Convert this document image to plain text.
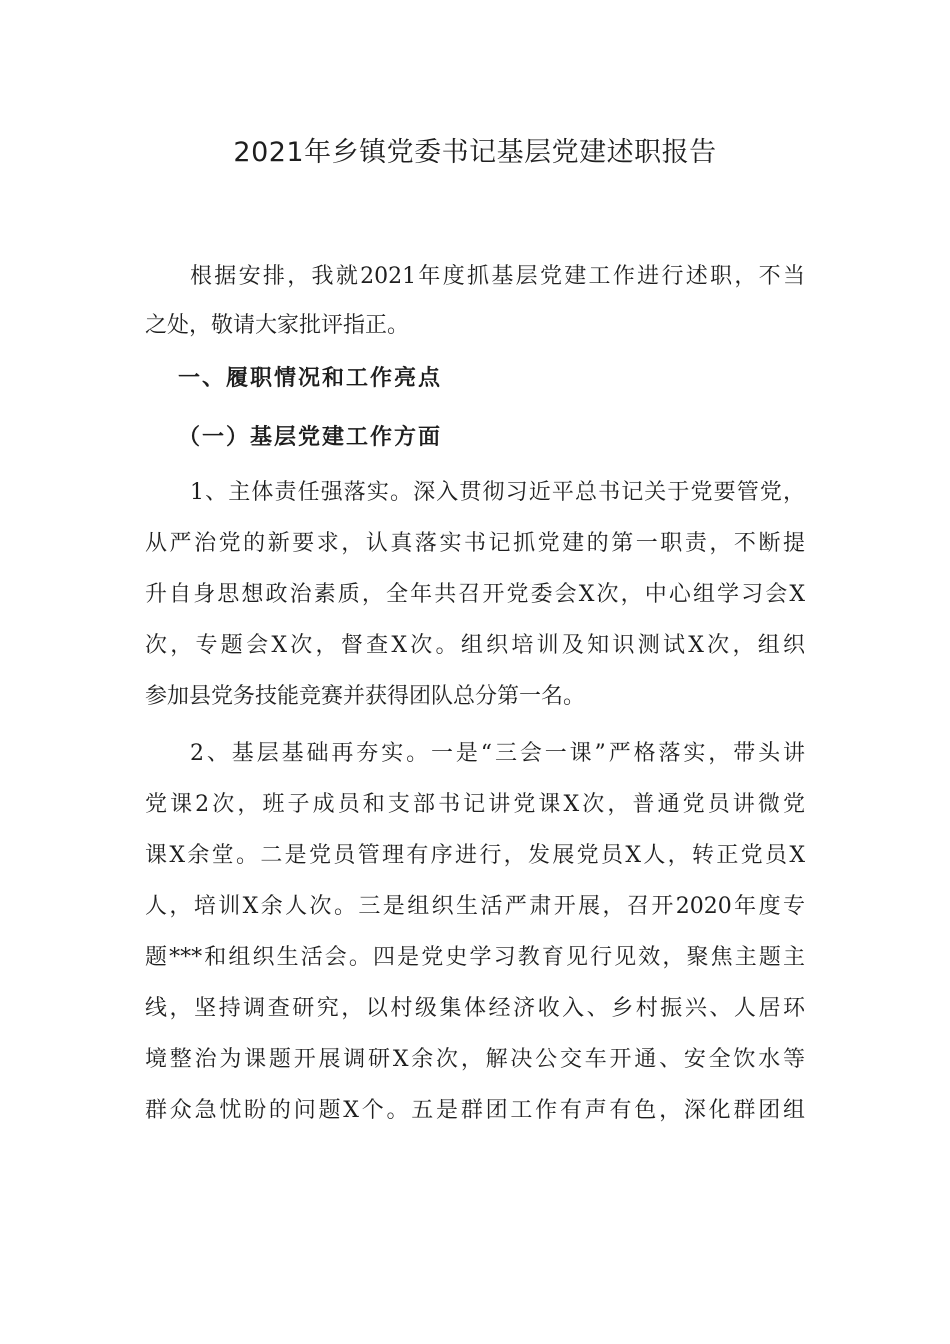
2021年乡镇党委书记基层党建述职报告
根据安排，我就2021年度抓基层党建工作进行述职，不当
之处，敬请大家批评指正。
一、履职情况和工作亮点
（一）基层党建工作方面
1、主体责任强落实。深入贯彻习近平总书记关于党要管党，
从严治党的新要求，认真落实书记抓党建的第一职责，不断提
升自身思想政治素质，全年共召开党委会X次，中心组学习会X
次，专题会X次，督查X次。组织培训及知识测试X次，组织
参加县党务技能竞赛并获得团队总分第一名。
2、基层基础再夯实。一是“三会一课”严格落实，带头讲
党课2次，班子成员和支部书记讲党课X次，普通党员讲微党
课X余堂。二是党员管理有序进行，发展党员X人，转正党员X
人，培训X余人次。三是组织生活严肃开展，召开2020年度专
题***和组织生活会。四是党史学习教育见行见效，聚焦主题主
线，坚持调查研究，以村级集体经济收入、乡村振兴、人居环
境整治为课题开展调研X余次，解决公交车开通、安全饮水等
群众急忧盼的问题X个。五是群团工作有声有色，深化群团组
